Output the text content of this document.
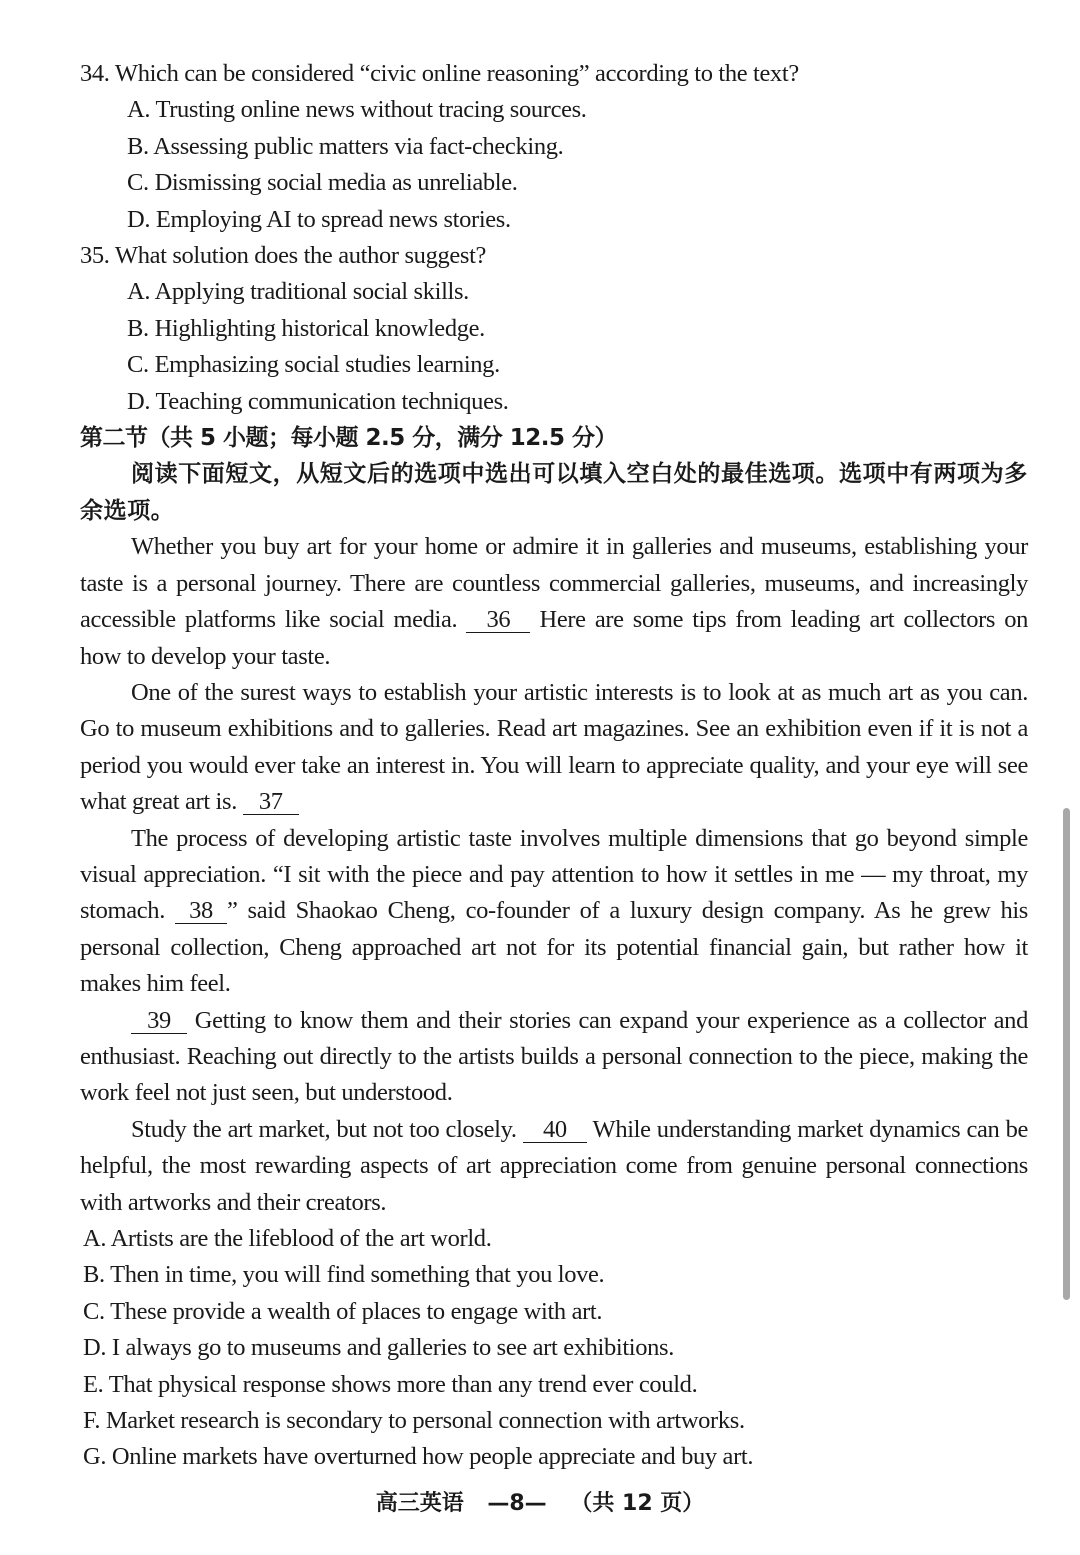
34. Which can be considered “civic online reasoning” according to the text?
A. Trusting online news without tracing sources.
B. Assessing public matters via fact-checking.
C. Dismissing social media as unreliable.
D. Employing AI to spread news stories.
35. What solution does the author suggest?
A. Applying traditional social skills.
B. Highlighting historical knowledge.
C. Emphasizing social studies learning.
D. Teaching communication techniques.
第二节（共 5 小题；每小题 2.5 分，满分 12.5 分）

阅读下面短文，从短文后的选项中选出可以填入空白处的最佳选项。选项中有两项为多余选项。

Whether you buy art for your home or admire it in galleries and museums, establishing your taste is a personal journey. There are countless commercial galleries, museums, and increasingly accessible platforms like social media. 36 Here are some tips from leading art collectors on how to develop your taste.

One of the surest ways to establish your artistic interests is to look at as much art as you can. Go to museum exhibitions and to galleries. Read art magazines. See an exhibition even if it is not a period you would ever take an interest in. You will learn to appreciate quality, and your eye will see what great art is. 37

The process of developing artistic taste involves multiple dimensions that go beyond simple visual appreciation. “I sit with the piece and pay attention to how it settles in me — my throat, my stomach. 38 ” said Shaokao Cheng, co-founder of a luxury design company. As he grew his personal collection, Cheng approached art not for its potential financial gain, but rather how it makes him feel.

39 Getting to know them and their stories can expand your experience as a collector and enthusiast. Reaching out directly to the artists builds a personal connection to the piece, making the work feel not just seen, but understood.

Study the art market, but not too closely. 40 While understanding market dynamics can be helpful, the most rewarding aspects of art appreciation come from genuine personal connections with artworks and their creators.

A. Artists are the lifeblood of the art world.
B. Then in time, you will find something that you love.
C. These provide a wealth of places to engage with art.
D. I always go to museums and galleries to see art exhibitions.
E. That physical response shows more than any trend ever could.
F. Market research is secondary to personal connection with artworks.
G. Online markets have overturned how people appreciate and buy art.
高三英语 —8— （共 12 页）
